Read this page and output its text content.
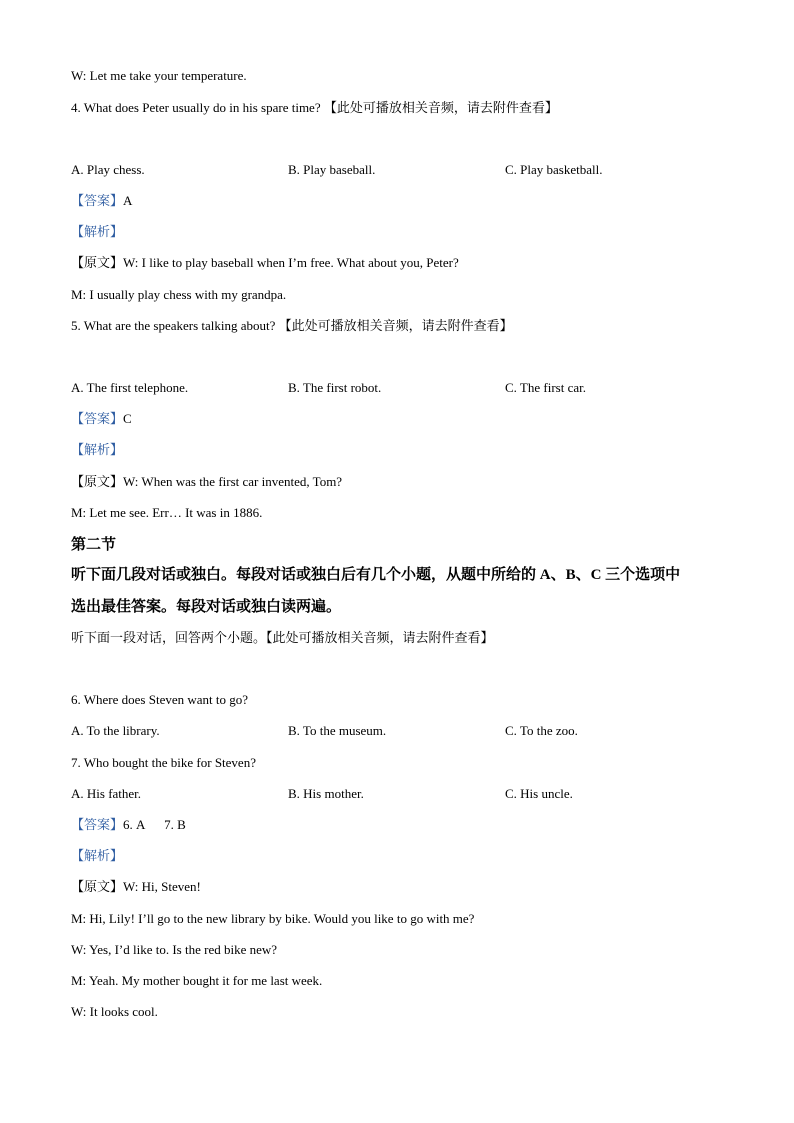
W: Let me take your temperature.
4. What does Peter usually do in his spare time? 【此处可播放相关音频，请去附件查看】
A. Play chess.	B. Play baseball.	C. Play basketball.
【答案】A
【解析】
【原文】W: I like to play baseball when I’m free. What about you, Peter?
M: I usually play chess with my grandpa.
5. What are the speakers talking about? 【此处可播放相关音频，请去附件查看】
A. The first telephone.	B. The first robot.	C. The first car.
【答案】C
【解析】
【原文】W: When was the first car invented, Tom?
M: Let me see. Err… It was in 1886.
第二节
听下面几段对话或独白。每段对话或独白后有几个小题，从题中所给的 A、B、C 三个选项中
选出最佳答案。每段对话或独白读两遍。
听下面一段对话，回答两个小题。【此处可播放相关音频，请去附件查看】
6. Where does Steven want to go?
A. To the library.	B. To the museum.	C. To the zoo.
7. Who bought the bike for Steven?
A. His father.	B. His mother.	C. His uncle.
【答案】6. A      7. B
【解析】
【原文】W: Hi, Steven!
M: Hi, Lily! I’ll go to the new library by bike. Would you like to go with me?
W: Yes, I’d like to. Is the red bike new?
M: Yeah. My mother bought it for me last week.
W: It looks cool.
